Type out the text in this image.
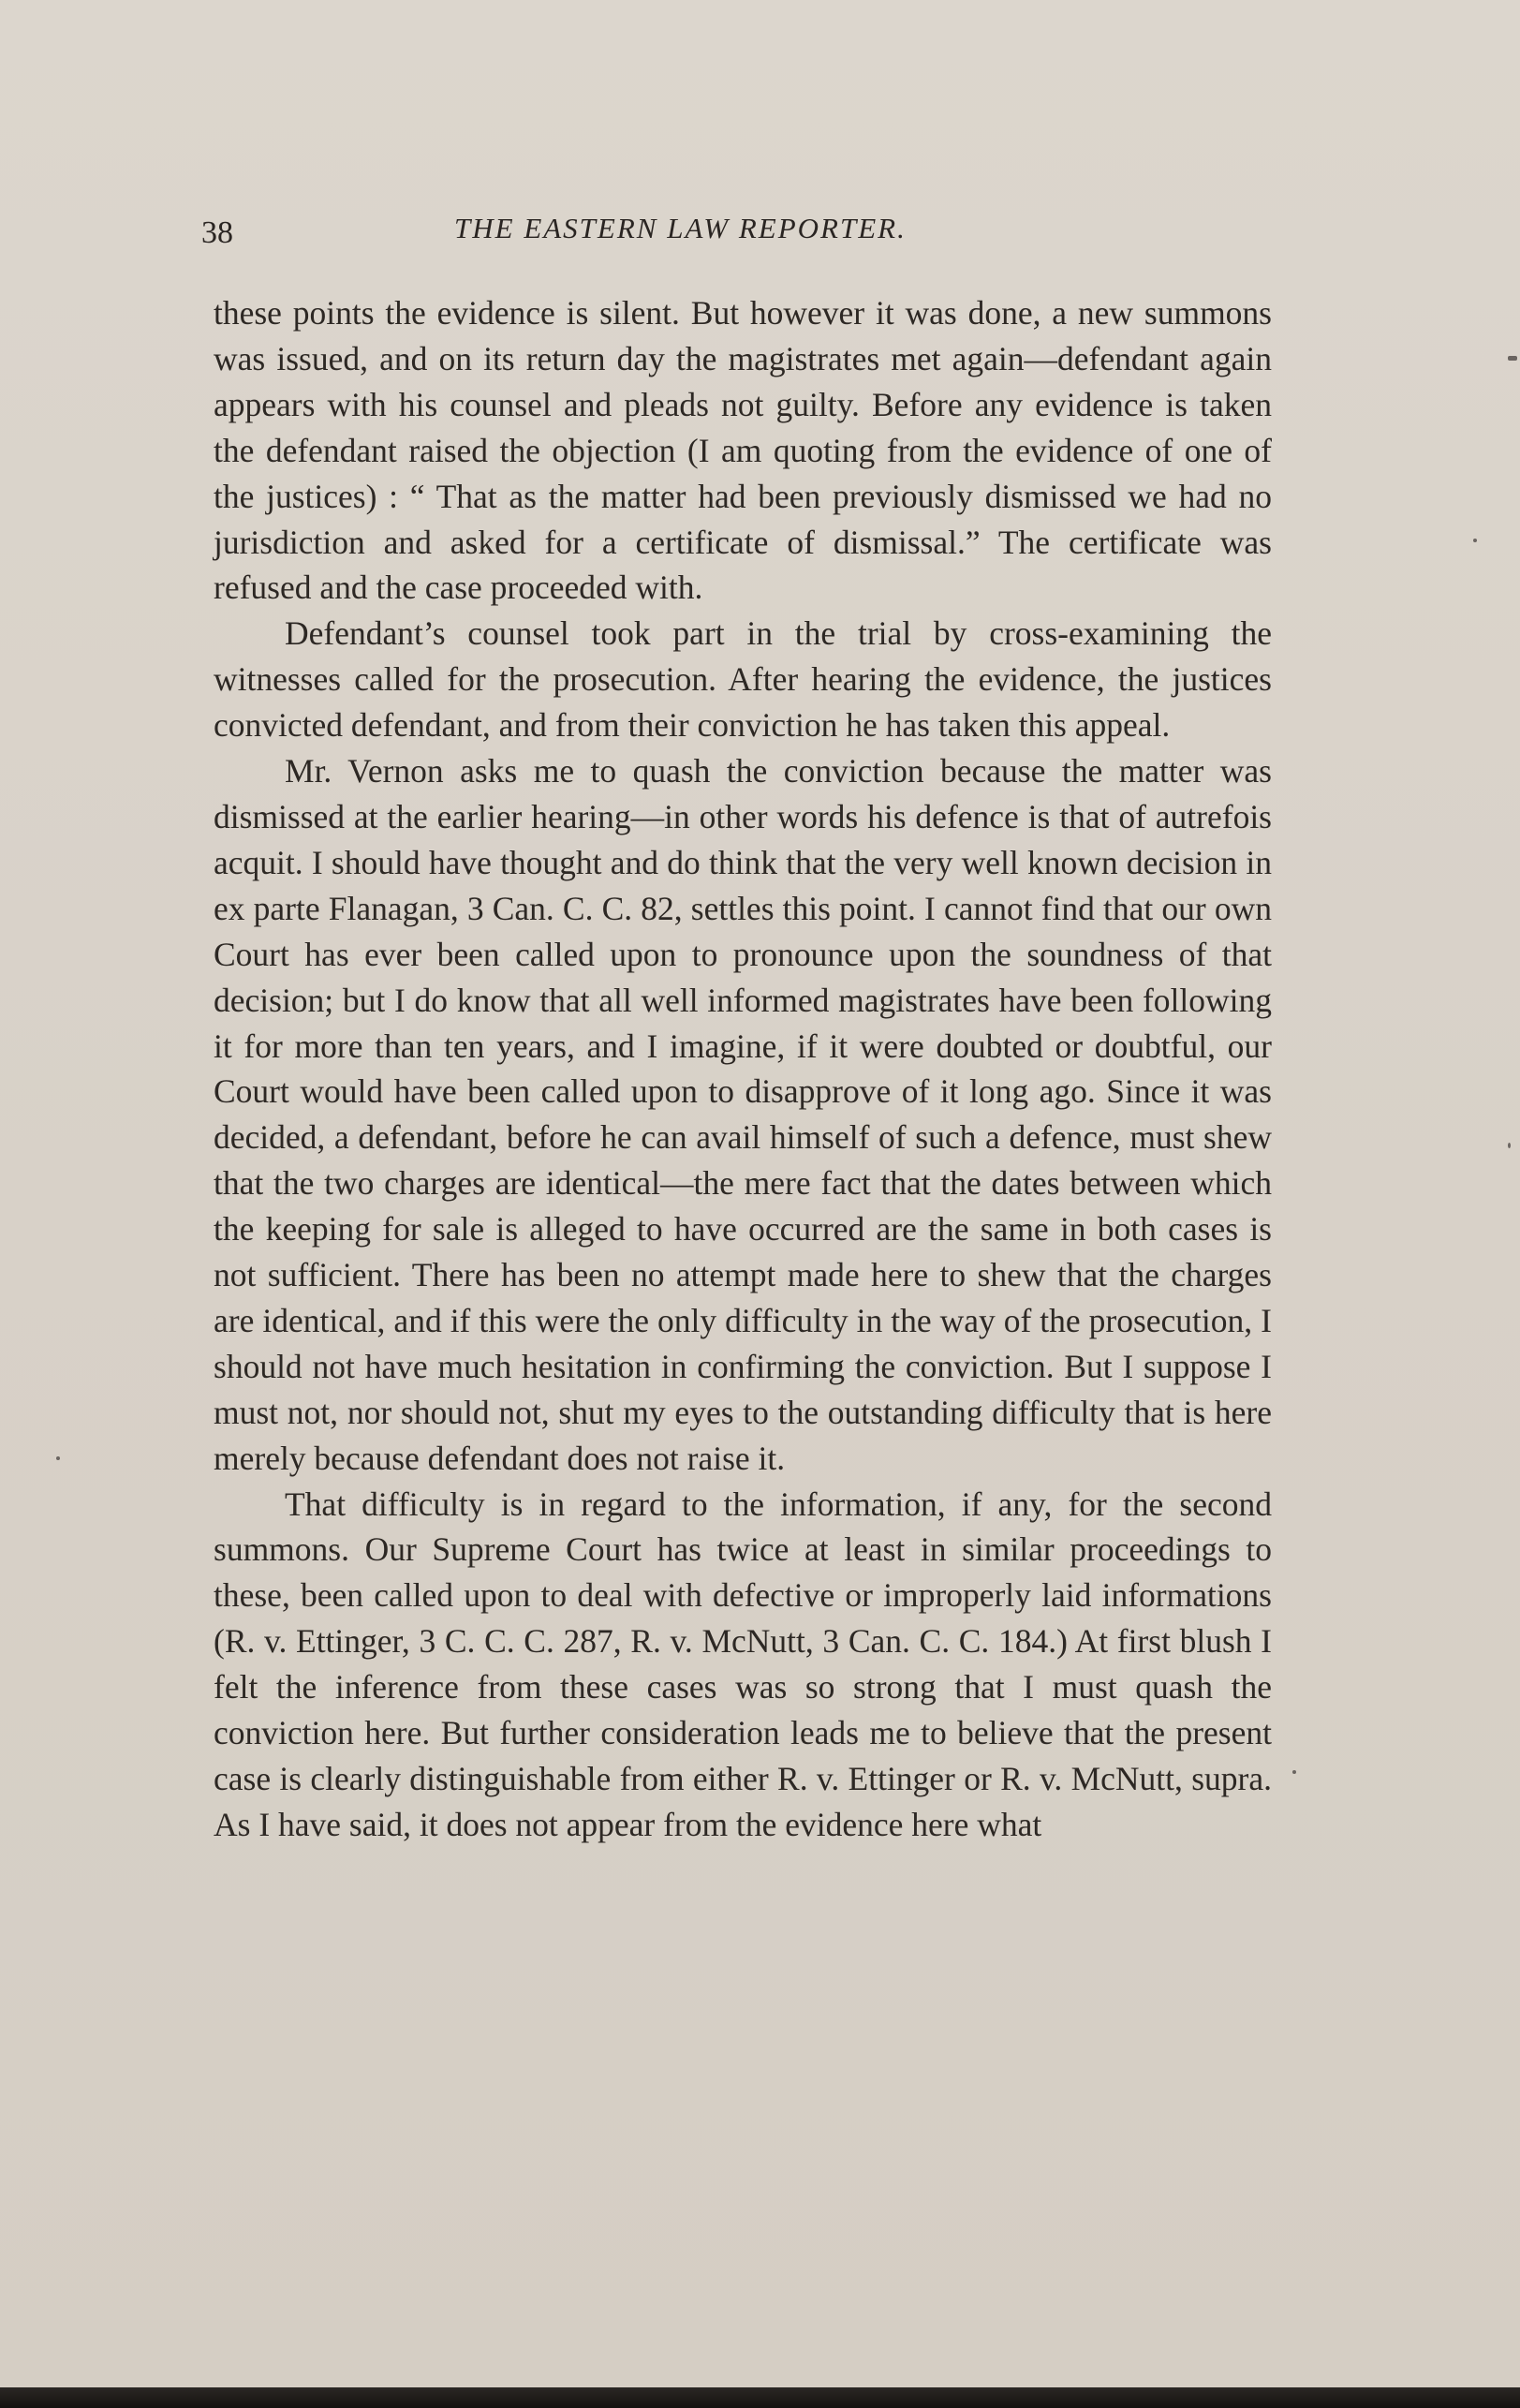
38	THE EASTERN LAW REPORTER.

these points the evidence is silent. But however it was done, a new summons was issued, and on its return day the magistrates met again—defendant again appears with his counsel and pleads not guilty. Before any evidence is taken the defendant raised the objection (I am quoting from the evidence of one of the justices) : “ That as the matter had been previously dismissed we had no jurisdiction and asked for a certificate of dismissal.” The certificate was refused and the case proceeded with.

Defendant’s counsel took part in the trial by cross-examining the witnesses called for the prosecution. After hearing the evidence, the justices convicted defendant, and from their conviction he has taken this appeal.

Mr. Vernon asks me to quash the conviction because the matter was dismissed at the earlier hearing—in other words his defence is that of autrefois acquit. I should have thought and do think that the very well known decision in ex parte Flanagan, 3 Can. C. C. 82, settles this point. I cannot find that our own Court has ever been called upon to pronounce upon the soundness of that decision; but I do know that all well informed magistrates have been following it for more than ten years, and I imagine, if it were doubted or doubtful, our Court would have been called upon to disapprove of it long ago. Since it was decided, a defendant, before he can avail himself of such a defence, must shew that the two charges are identical—the mere fact that the dates between which the keeping for sale is alleged to have occurred are the same in both cases is not sufficient. There has been no attempt made here to shew that the charges are identical, and if this were the only difficulty in the way of the prosecution, I should not have much hesitation in confirming the conviction. But I suppose I must not, nor should not, shut my eyes to the outstanding difficulty that is here merely because defendant does not raise it.

That difficulty is in regard to the information, if any, for the second summons. Our Supreme Court has twice at least in similar proceedings to these, been called upon to deal with defective or improperly laid informations (R. v. Ettinger, 3 C. C. C. 287, R. v. McNutt, 3 Can. C. C. 184.) At first blush I felt the inference from these cases was so strong that I must quash the conviction here. But further consideration leads me to believe that the present case is clearly distinguishable from either R. v. Ettinger or R. v. McNutt, supra. As I have said, it does not appear from the evidence here what
